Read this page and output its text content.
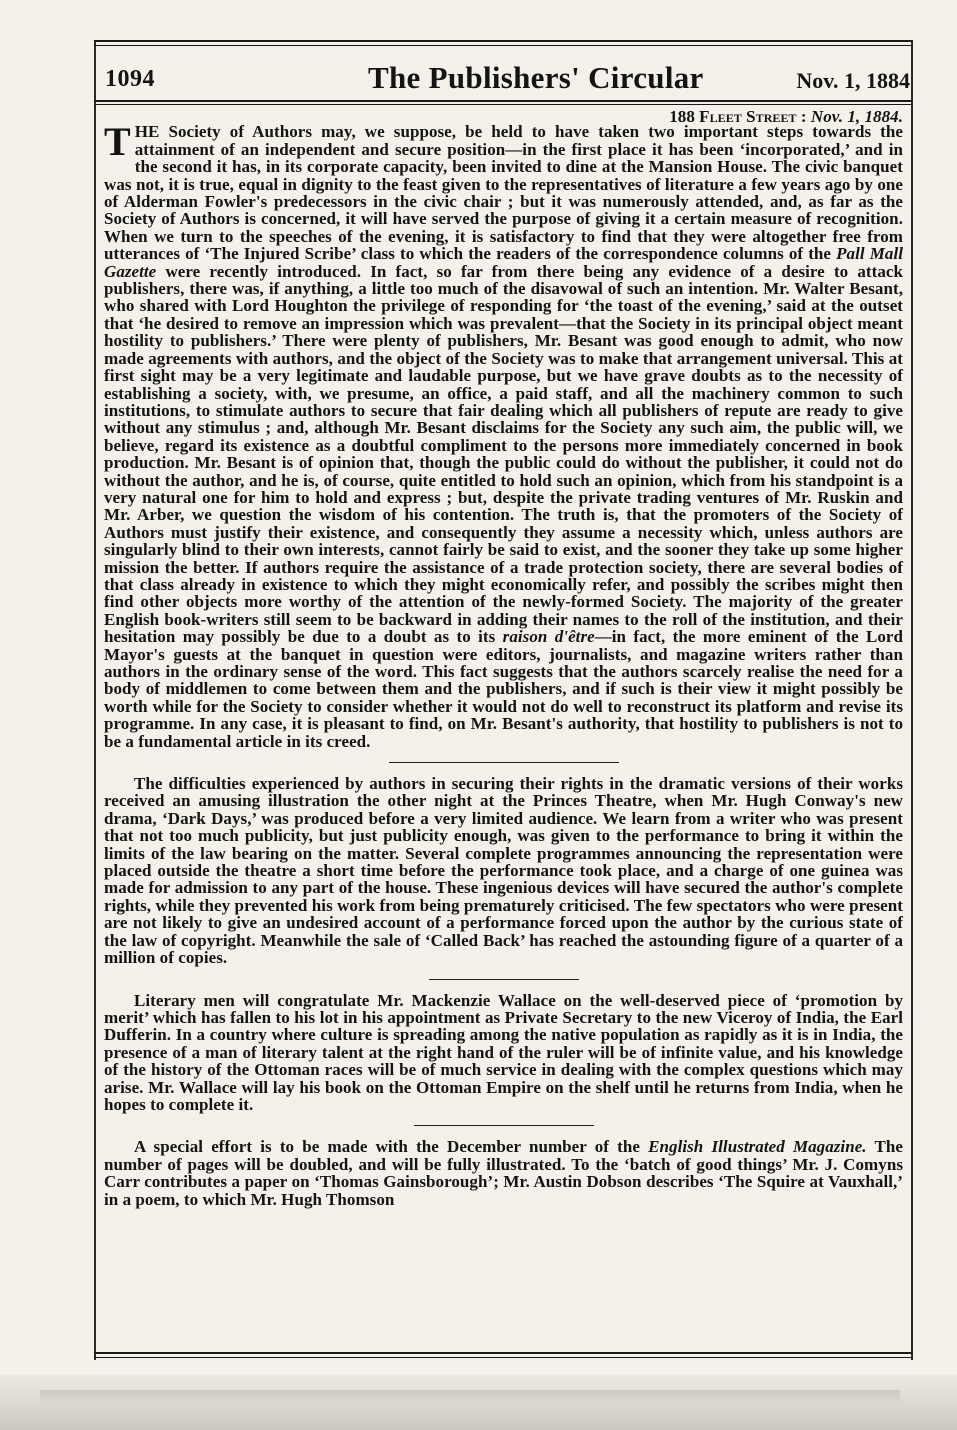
1094	The Publishers' Circular	Nov. 1, 1884
188 Fleet Street : Nov. 1, 1884.

THE Society of Authors may, we suppose, be held to have taken two important steps towards the attainment of an independent and secure position—in the first place it has been ‘incorporated,’ and in the second it has, in its corporate capacity, been invited to dine at the Mansion House. The civic banquet was not, it is true, equal in dignity to the feast given to the representatives of literature a few years ago by one of Alderman Fowler's predecessors in the civic chair ; but it was numerously attended, and, as far as the Society of Authors is concerned, it will have served the purpose of giving it a certain measure of recognition. When we turn to the speeches of the evening, it is satisfactory to find that they were altogether free from utterances of ‘The Injured Scribe’ class to which the readers of the correspondence columns of the Pall Mall Gazette were recently introduced. In fact, so far from there being any evidence of a desire to attack publishers, there was, if anything, a little too much of the disavowal of such an intention. Mr. Walter Besant, who shared with Lord Houghton the privilege of responding for ‘the toast of the evening,’ said at the outset that ‘he desired to remove an impression which was prevalent—that the Society in its principal object meant hostility to publishers.’ There were plenty of publishers, Mr. Besant was good enough to admit, who now made agreements with authors, and the object of the Society was to make that arrangement universal. This at first sight may be a very legitimate and laudable purpose, but we have grave doubts as to the necessity of establishing a society, with, we presume, an office, a paid staff, and all the machinery common to such institutions, to stimulate authors to secure that fair dealing which all publishers of repute are ready to give without any stimulus ; and, although Mr. Besant disclaims for the Society any such aim, the public will, we believe, regard its existence as a doubtful compliment to the persons more immediately concerned in book production. Mr. Besant is of opinion that, though the public could do without the publisher, it could not do without the author, and he is, of course, quite entitled to hold such an opinion, which from his standpoint is a very natural one for him to hold and express ; but, despite the private trading ventures of Mr. Ruskin and Mr. Arber, we question the wisdom of his contention. The truth is, that the promoters of the Society of Authors must justify their existence, and consequently they assume a necessity which, unless authors are singularly blind to their own interests, cannot fairly be said to exist, and the sooner they take up some higher mission the better. If authors require the assistance of a trade protection society, there are several bodies of that class already in existence to which they might economically refer, and possibly the scribes might then find other objects more worthy of the attention of the newly-formed Society. The majority of the greater English book-writers still seem to be backward in adding their names to the roll of the institution, and their hesitation may possibly be due to a doubt as to its raison d'être—in fact, the more eminent of the Lord Mayor's guests at the banquet in question were editors, journalists, and magazine writers rather than authors in the ordinary sense of the word. This fact suggests that the authors scarcely realise the need for a body of middlemen to come between them and the publishers, and if such is their view it might possibly be worth while for the Society to consider whether it would not do well to reconstruct its platform and revise its programme. In any case, it is pleasant to find, on Mr. Besant's authority, that hostility to publishers is not to be a fundamental article in its creed.

The difficulties experienced by authors in securing their rights in the dramatic versions of their works received an amusing illustration the other night at the Princes Theatre, when Mr. Hugh Conway's new drama, ‘Dark Days,’ was produced before a very limited audience. We learn from a writer who was present that not too much publicity, but just publicity enough, was given to the performance to bring it within the limits of the law bearing on the matter. Several complete programmes announcing the representation were placed outside the theatre a short time before the performance took place, and a charge of one guinea was made for admission to any part of the house. These ingenious devices will have secured the author's complete rights, while they prevented his work from being prematurely criticised. The few spectators who were present are not likely to give an undesired account of a performance forced upon the author by the curious state of the law of copyright. Meanwhile the sale of ‘Called Back’ has reached the astounding figure of a quarter of a million of copies.

Literary men will congratulate Mr. Mackenzie Wallace on the well-deserved piece of ‘promotion by merit’ which has fallen to his lot in his appointment as Private Secretary to the new Viceroy of India, the Earl Dufferin. In a country where culture is spreading among the native population as rapidly as it is in India, the presence of a man of literary talent at the right hand of the ruler will be of infinite value, and his knowledge of the history of the Ottoman races will be of much service in dealing with the complex questions which may arise. Mr. Wallace will lay his book on the Ottoman Empire on the shelf until he returns from India, when he hopes to complete it.

A special effort is to be made with the December number of the English Illustrated Magazine. The number of pages will be doubled, and will be fully illustrated. To the ‘batch of good things’ Mr. J. Comyns Carr contributes a paper on ‘Thomas Gainsborough’; Mr. Austin Dobson describes ‘The Squire at Vauxhall,’ in a poem, to which Mr. Hugh Thomson
